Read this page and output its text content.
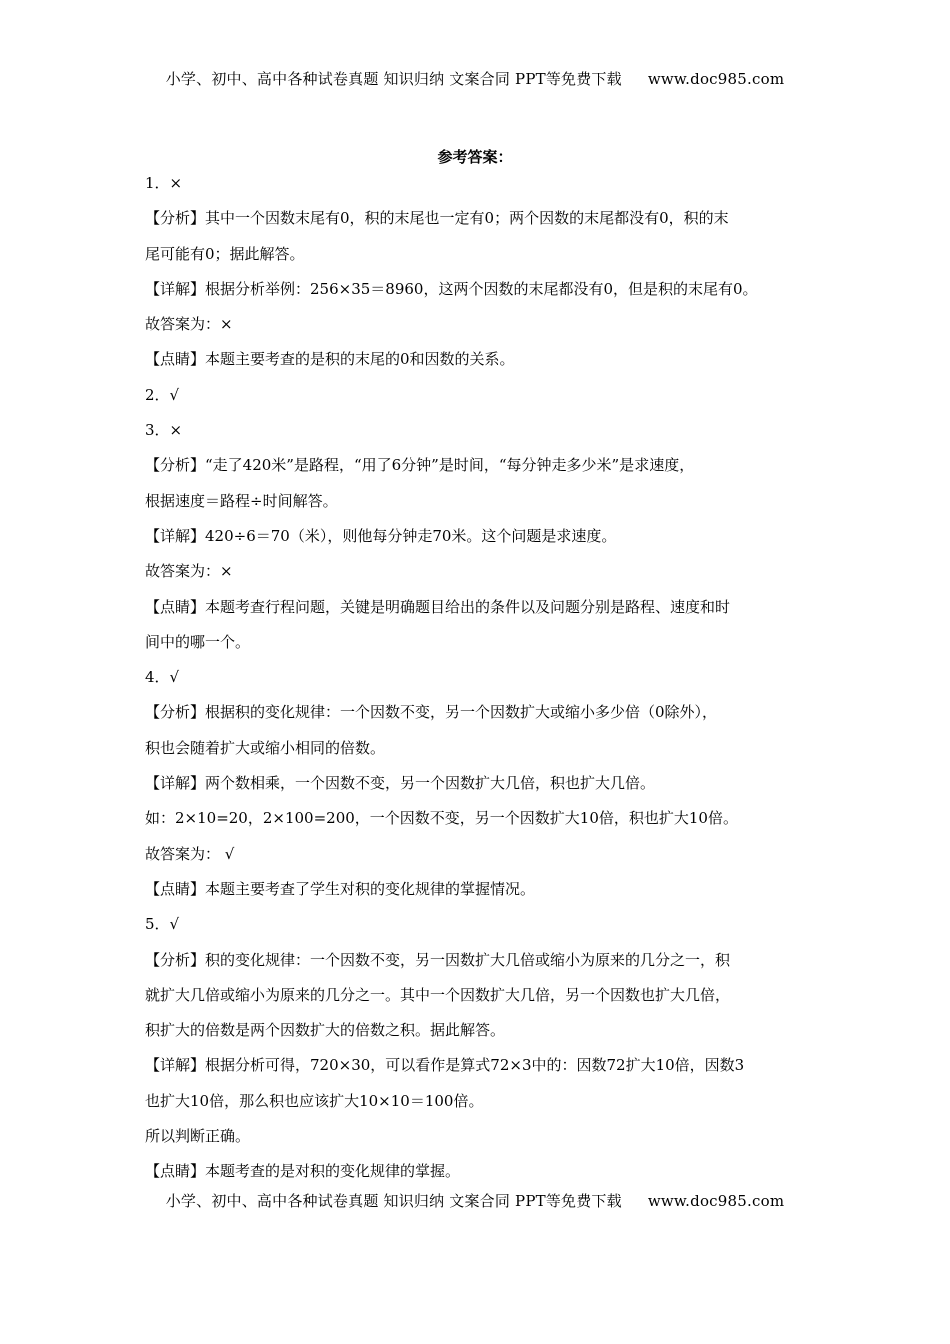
小学、初中、高中各种试卷真题 知识归纳 文案合同 PPT等免费下载 www.doc985.com
参考答案：
1．×
【分析】其中一个因数末尾有0，积的末尾也一定有0；两个因数的末尾都没有0，积的末
尾可能有0；据此解答。
【详解】根据分析举例：256×35＝8960，这两个因数的末尾都没有0，但是积的末尾有0。
故答案为：×
【点睛】本题主要考查的是积的末尾的0和因数的关系。
2．√
3．×
【分析】“走了420米”是路程，“用了6分钟”是时间，“每分钟走多少米”是求速度，
根据速度＝路程÷时间解答。
【详解】420÷6＝70（米），则他每分钟走70米。这个问题是求速度。
故答案为：×
【点睛】本题考查行程问题，关键是明确题目给出的条件以及问题分别是路程、速度和时
间中的哪一个。
4．√
【分析】根据积的变化规律：一个因数不变，另一个因数扩大或缩小多少倍（0除外），
积也会随着扩大或缩小相同的倍数。
【详解】两个数相乘，一个因数不变，另一个因数扩大几倍，积也扩大几倍。
如：2×10=20，2×100=200，一个因数不变，另一个因数扩大10倍，积也扩大10倍。
故答案为： √
【点睛】本题主要考查了学生对积的变化规律的掌握情况。
5．√
【分析】积的变化规律：一个因数不变，另一因数扩大几倍或缩小为原来的几分之一，积
就扩大几倍或缩小为原来的几分之一。其中一个因数扩大几倍，另一个因数也扩大几倍，
积扩大的倍数是两个因数扩大的倍数之积。据此解答。
【详解】根据分析可得，720×30，可以看作是算式72×3中的：因数72扩大10倍，因数3
也扩大10倍，那么积也应该扩大10×10＝100倍。
所以判断正确。
【点睛】本题考查的是对积的变化规律的掌握。
小学、初中、高中各种试卷真题 知识归纳 文案合同 PPT等免费下载 www.doc985.com
